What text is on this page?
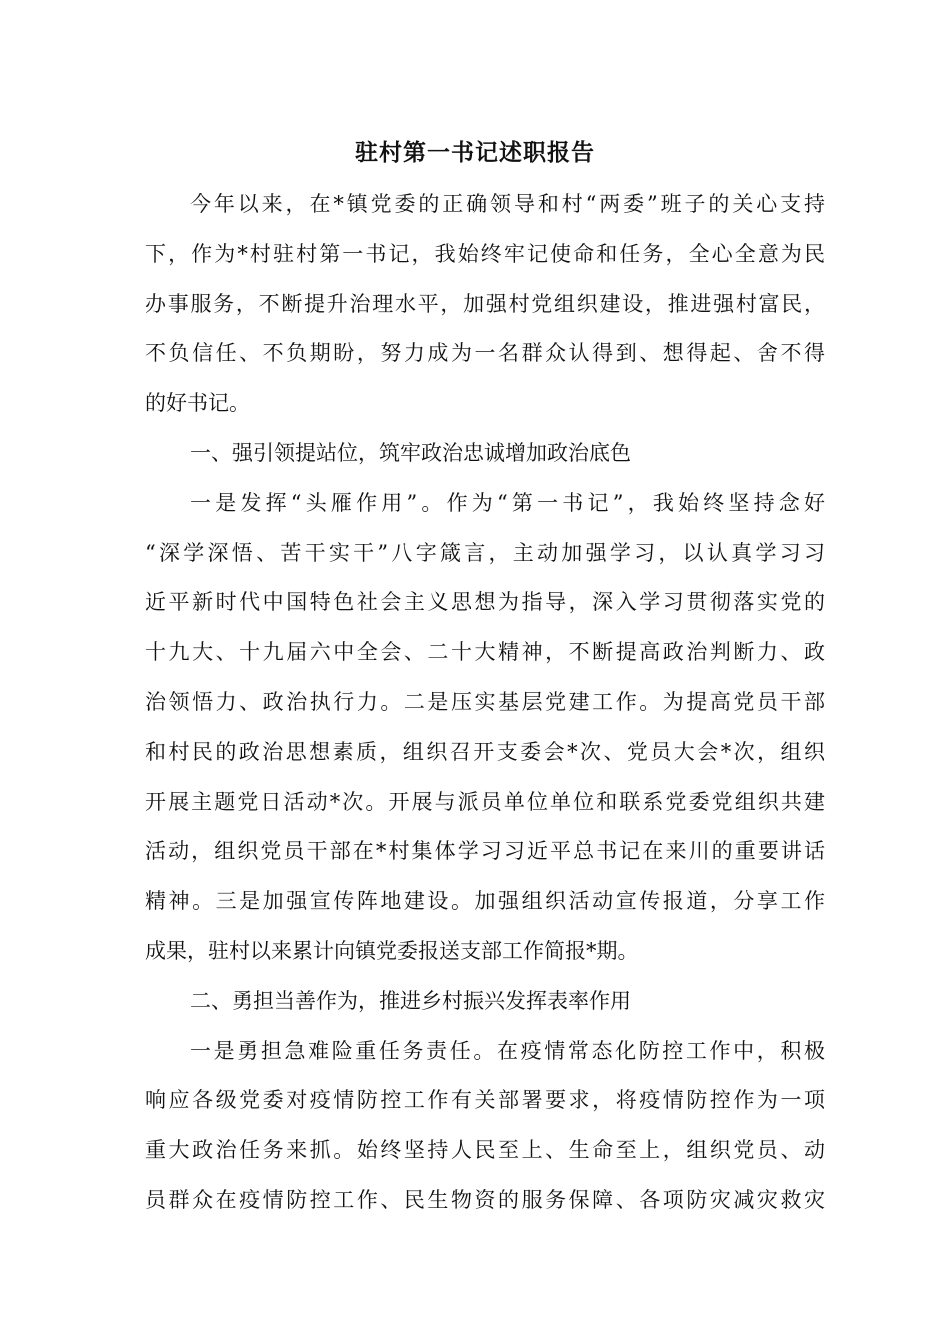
驻村第一书记述职报告
今年以来，在*镇党委的正确领导和村“两委”班子的关心支持
下，作为*村驻村第一书记，我始终牢记使命和任务，全心全意为民
办事服务，不断提升治理水平，加强村党组织建设，推进强村富民，
不负信任、不负期盼，努力成为一名群众认得到、想得起、舍不得
的好书记。
一、强引领提站位，筑牢政治忠诚增加政治底色
一是发挥“头雁作用”。作为“第一书记”，我始终坚持念好
“深学深悟、苦干实干”八字箴言，主动加强学习，以认真学习习
近平新时代中国特色社会主义思想为指导，深入学习贯彻落实党的
十九大、十九届六中全会、二十大精神，不断提高政治判断力、政
治领悟力、政治执行力。二是压实基层党建工作。为提高党员干部
和村民的政治思想素质，组织召开支委会*次、党员大会*次，组织
开展主题党日活动*次。开展与派员单位单位和联系党委党组织共建
活动，组织党员干部在*村集体学习习近平总书记在来川的重要讲话
精神。三是加强宣传阵地建设。加强组织活动宣传报道，分享工作
成果，驻村以来累计向镇党委报送支部工作简报*期。
二、勇担当善作为，推进乡村振兴发挥表率作用
一是勇担急难险重任务责任。在疫情常态化防控工作中，积极
响应各级党委对疫情防控工作有关部署要求，将疫情防控作为一项
重大政治任务来抓。始终坚持人民至上、生命至上，组织党员、动
员群众在疫情防控工作、民生物资的服务保障、各项防灾减灾救灾
